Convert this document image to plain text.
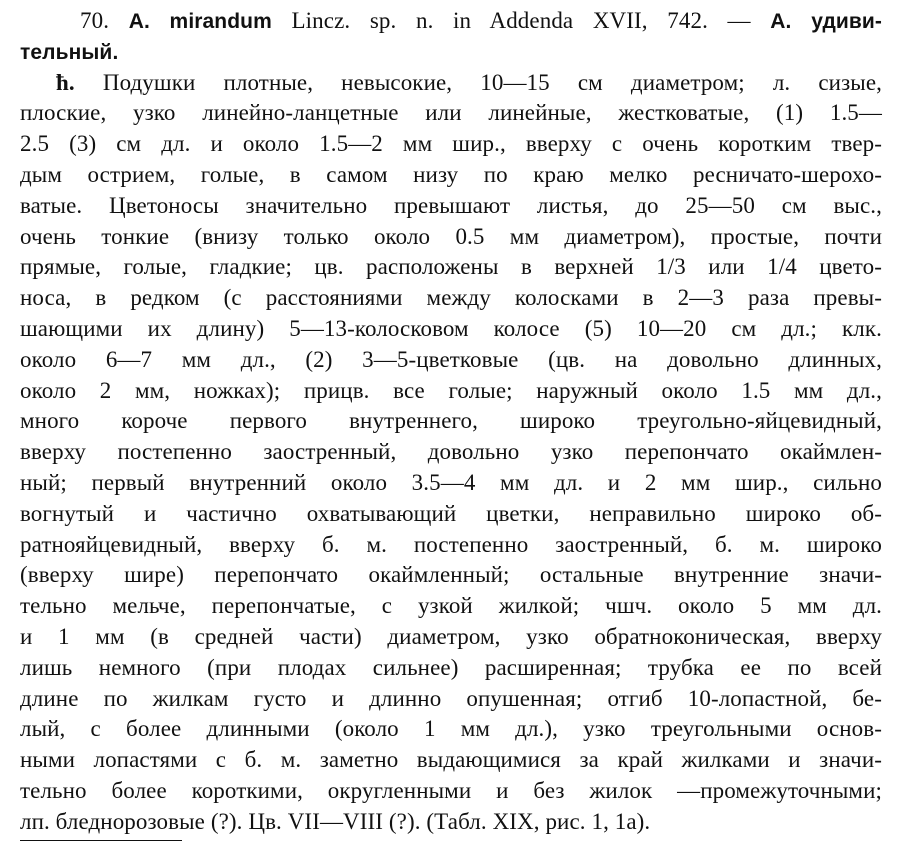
70. A. mirandum Lincz. sp. n. in Addenda XVII, 742. — A. удиви-
тельный.
ħ. Подушки плотные, невысокие, 10—15 см диаметром; л. сизые,
плоские, узко линейно-ланцетные или линейные, жестковатые, (1) 1.5—
2.5 (3) см дл. и около 1.5—2 мм шир., вверху с очень коротким твер-
дым острием, голые, в самом низу по краю мелко ресничато-шерохо-
ватые. Цветоносы значительно превышают листья, до 25—50 см выс.,
очень тонкие (внизу только около 0.5 мм диаметром), простые, почти
прямые, голые, гладкие; цв. расположены в верхней 1/3 или 1/4 цвето-
носа, в редком (с расстояниями между колосками в 2—3 раза превы-
шающими их длину) 5—13-колосковом колосе (5) 10—20 см дл.; клк.
около 6—7 мм дл., (2) 3—5-цветковые (цв. на довольно длинных,
около 2 мм, ножках); прицв. все голые; наружный около 1.5 мм дл.,
много короче первого внутреннего, широко треугольно-яйцевидный,
вверху постепенно заостренный, довольно узко перепончато окаймлен-
ный; первый внутренний около 3.5—4 мм дл. и 2 мм шир., сильно
вогнутый и частично охватывающий цветки, неправильно широко об-
ратнояйцевидный, вверху б. м. постепенно заостренный, б. м. широко
(вверху шире) перепончато окаймленный; остальные внутренние значи-
тельно мельче, перепончатые, с узкой жилкой; чшч. около 5 мм дл.
и 1 мм (в средней части) диаметром, узко обратноконическая, вверху
лишь немного (при плодах сильнее) расширенная; трубка ее по всей
длине по жилкам густо и длинно опушенная; отгиб 10-лопастной, бе-
лый, с более длинными (около 1 мм дл.), узко треугольными основ-
ными лопастями с б. м. заметно выдающимися за край жилками и значи-
тельно более короткими, округленными и без жилок —промежуточными;
лп. бледнорозовые (?). Цв. VII—VIII (?). (Табл. XIX, рис. 1, 1а).
